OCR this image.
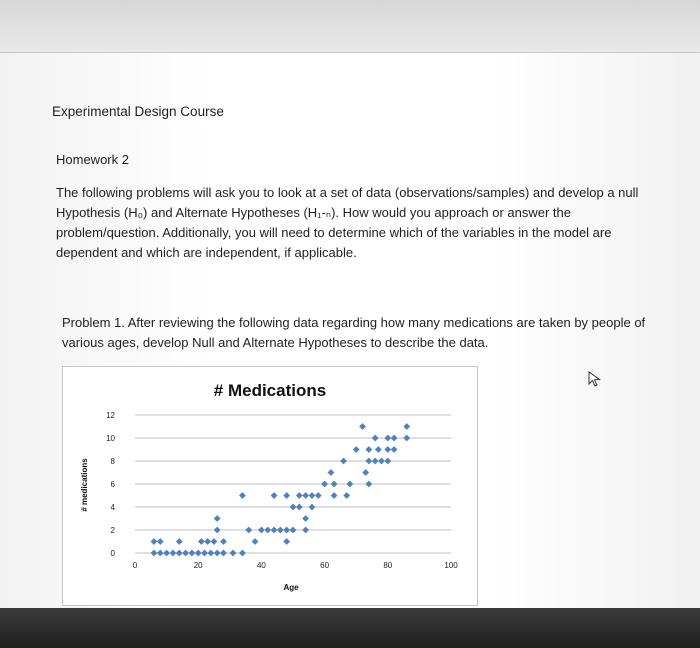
Experimental Design Course
Homework 2
The following problems will ask you to look at a set of data (observations/samples) and develop a null
Hypothesis (H₀) and Alternate Hypotheses (H₁-ₙ). How would you approach or answer the
problem/question. Additionally, you will need to determine which of the variables in the model are
dependent and which are independent, if applicable.
Problem 1. After reviewing the following data regarding how many medications are taken by people of
various ages, develop Null and Alternate Hypotheses to describe the data.
# Medications
0
2
4
6
8
10
12
0	20	40	60	80	100
# medications
Age
